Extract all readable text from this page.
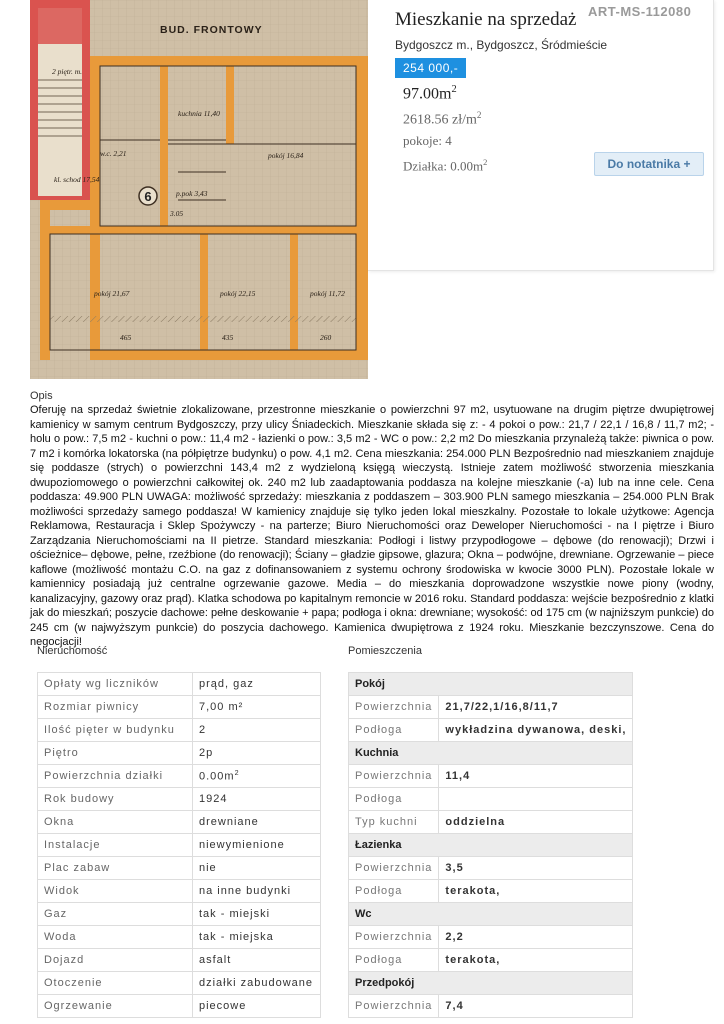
6
BUD. FRONTOWY
2 piętr. m.
kuchnia 11,40
pokój 16,84
kl. schod 17,54
w.c. 2,21
p.pok 3,43
pokój 21,67	pokój 22,15	pokój 11,72
465	435	260
3.05
Mieszkanie na sprzedaż ART-MS-112080
Bydgoszcz m., Bydgoszcz, Śródmieście
254 000,-
$97.00m^2$
2618.56 $zł/m^2$
pokoje: 4
Działka: $0.00m^2$	Do notatnika +
Opis
Oferuję na sprzedaż świetnie zlokalizowane, przestronne mieszkanie o powierzchni 97 m2, usytuowane na drugim piętrze dwupiętrowej kamienicy w samym centrum Bydgoszczy, przy ulicy Śniadeckich. Mieszkanie składa się z: - 4 pokoi o pow.: 21,7 / 22,1 / 16,8 / 11,7 m2; - holu o pow.: 7,5 m2 - kuchni o pow.: 11,4 m2 - łazienki o pow.: 3,5 m2 - WC o pow.: 2,2 m2 Do mieszkania przynależą także: piwnica o pow. 7 m2 i komórka lokatorska (na półpiętrze budynku) o pow. 4,1 m2. Cena mieszkania: 254.000 PLN Bezpośrednio nad mieszkaniem znajduje się poddasze (strych) o powierzchni 143,4 m2 z wydzieloną księgą wieczystą. Istnieje zatem możliwość stworzenia mieszkania dwupoziomowego o powierzchni całkowitej ok. 240 m2 lub zaadaptowania poddasza na kolejne mieszkanie (-a) lub na inne cele. Cena poddasza: 49.900 PLN UWAGA: możliwość sprzedaży: mieszkania z poddaszem – 303.900 PLN samego mieszkania – 254.000 PLN Brak możliwości sprzedaży samego poddasza! W kamienicy znajduje się tylko jeden lokal mieszkalny. Pozostałe to lokale użytkowe: Agencja Reklamowa, Restauracja i Sklep Spożywczy - na parterze; Biuro Nieruchomości oraz Deweloper Nieruchomości - na I piętrze i Biuro Zarządzania Nieruchomościami na II pietrze. Standard mieszkania: Podłogi i listwy przypodłogowe – dębowe (do renowacji); Drzwi i ościeżnice– dębowe, pełne, rzeźbione (do renowacji); Ściany – gładzie gipsowe, glazura; Okna – podwójne, drewniane. Ogrzewanie – piece kaflowe (możliwość montażu C.O. na gaz z dofinansowaniem z systemu ochrony środowiska w kwocie 3000 PLN). Pozostałe lokale w kamiennicy posiadają już centralne ogrzewanie gazowe. Media – do mieszkania doprowadzone wszystkie nowe piony (wodny, kanalizacyjny, gazowy oraz prąd). Klatka schodowa po kapitalnym remoncie w 2016 roku. Standard poddasza: wejście bezpośrednio z klatki jak do mieszkań; poszycie dachowe: pełne deskowanie + papa; podłoga i okna: drewniane; wysokość: od 175 cm (w najniższym punkcie) do 245 cm (w najwyższym punkcie) do poszycia dachowego. Kamienica dwupiętrowa z 1924 roku. Mieszkanie bezczynszowe. Cena do negocjacji!
Nieruchomość	Pomieszczenia
Opłaty wg liczników	prąd, gaz
Rozmiar piwnicy	7,00 m²
Ilość pięter w budynku	2
Piętro	2p
Powierzchnia działki	$0.00m^2$
Rok budowy	1924
Okna	drewniane
Instalacje	niewymienione
Plac zabaw	nie
Widok	na inne budynki
Gaz	tak - miejski
Woda	tak - miejska
Dojazd	asfalt
Otoczenie	działki zabudowane
Ogrzewanie	piecowe
Pokój	
Powierzchnia	21,7/22,1/16,8/11,7
Podłoga	wykładzina dywanowa, deski,
Kuchnia	
Powierzchnia	11,4
Podłoga	
Typ kuchni	oddzielna
Łazienka	
Powierzchnia	3,5
Podłoga	terakota,
Wc	
Powierzchnia	2,2
Podłoga	terakota,
Przedpokój	
Powierzchnia	7,4
